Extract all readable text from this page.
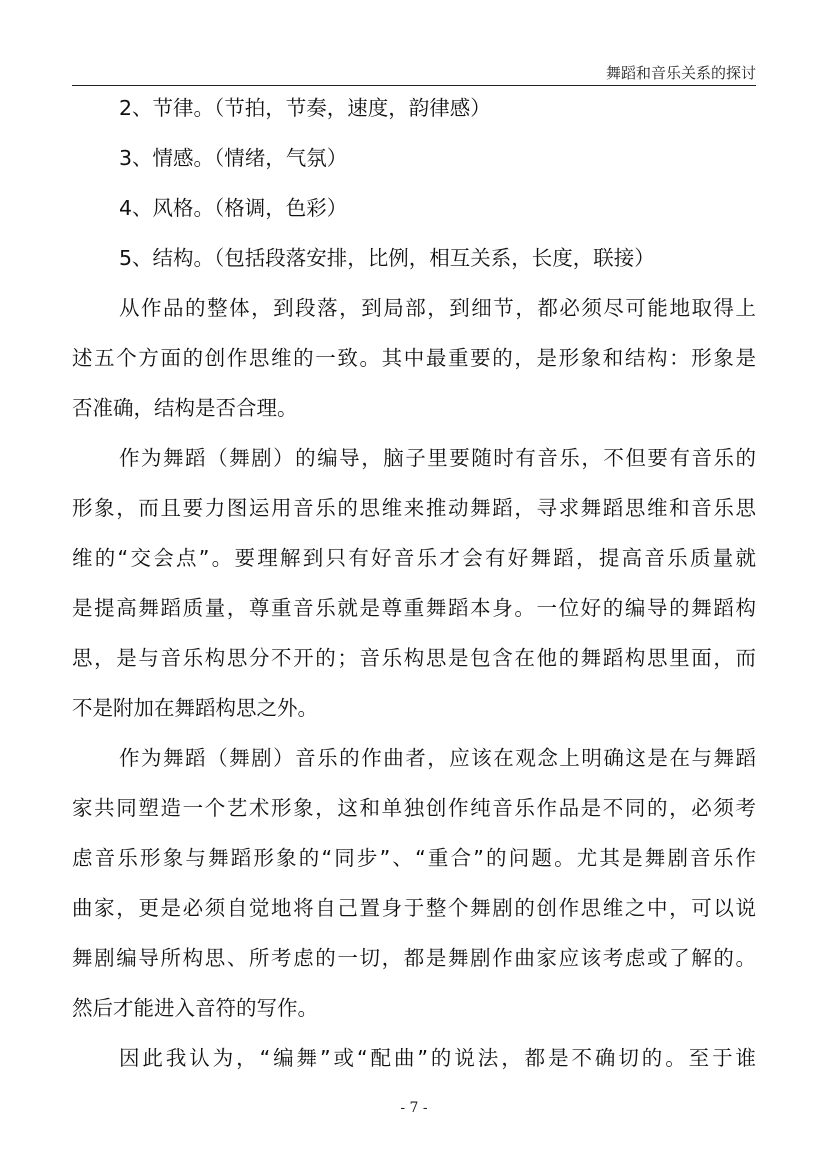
舞蹈和音乐关系的探讨
2、节律。（节拍，节奏，速度，韵律感）
3、情感。（情绪，气氛）
4、风格。（格调，色彩）
5、结构。（包括段落安排，比例，相互关系，长度，联接）
从作品的整体，到段落，到局部，到细节，都必须尽可能地取得上
述五个方面的创作思维的一致。其中最重要的，是形象和结构：形象是
否准确，结构是否合理。
作为舞蹈（舞剧）的编导，脑子里要随时有音乐，不但要有音乐的
形象，而且要力图运用音乐的思维来推动舞蹈，寻求舞蹈思维和音乐思
维的“交会点”。要理解到只有好音乐才会有好舞蹈，提高音乐质量就
是提高舞蹈质量，尊重音乐就是尊重舞蹈本身。一位好的编导的舞蹈构
思，是与音乐构思分不开的；音乐构思是包含在他的舞蹈构思里面，而
不是附加在舞蹈构思之外。
作为舞蹈（舞剧）音乐的作曲者，应该在观念上明确这是在与舞蹈
家共同塑造一个艺术形象，这和单独创作纯音乐作品是不同的，必须考
虑音乐形象与舞蹈形象的“同步”、“重合”的问题。尤其是舞剧音乐作
曲家，更是必须自觉地将自己置身于整个舞剧的创作思维之中，可以说
舞剧编导所构思、所考虑的一切，都是舞剧作曲家应该考虑或了解的。
然后才能进入音符的写作。
因此我认为，“编舞”或“配曲”的说法，都是不确切的。至于谁
- 7 -
